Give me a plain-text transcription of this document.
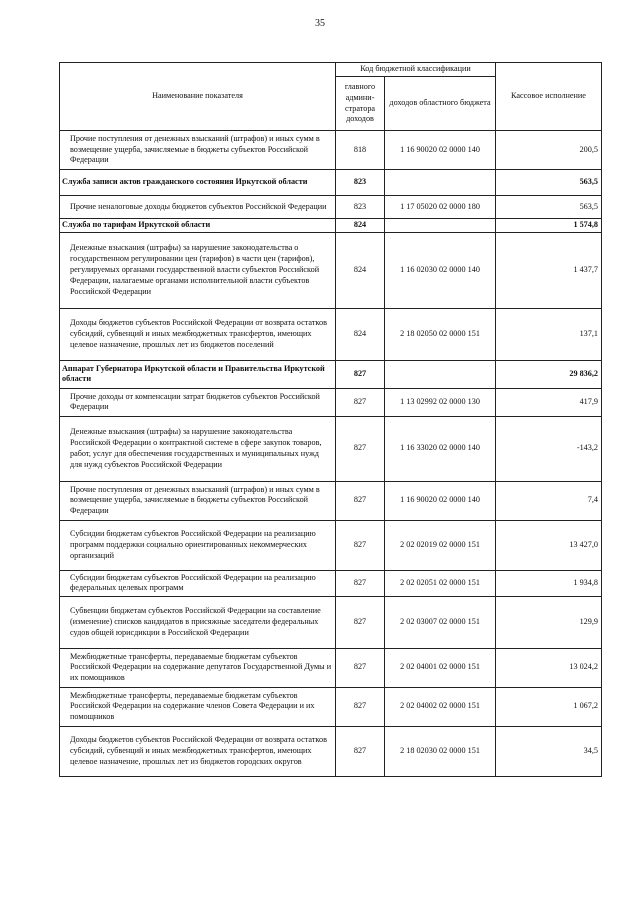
35
Наименование показателя	Код бюджетной классификации		Кассовое исполнение
	главного админи-стратора доходов	доходов областного бюджета	
Прочие поступления от денежных взысканий (штрафов) и иных сумм в возмещение ущерба, зачисляемые в бюджеты субъектов Российской Федерации	818	1 16 90020 02 0000 140	200,5
Служба записи актов гражданского состояния Иркутской области	823		563,5
Прочие неналоговые доходы бюджетов субъектов Российской Федерации	823	1 17 05020 02 0000 180	563,5
Служба по тарифам Иркутской области	824		1 574,8
Денежные взыскания (штрафы) за нарушение законодательства о государственном регулировании цен (тарифов) в части цен (тарифов), регулируемых органами государственной власти субъектов Российской Федерации, налагаемые органами исполнительной власти субъектов Российской Федерации	824	1 16 02030 02 0000 140	1 437,7
Доходы бюджетов субъектов Российской Федерации от возврата остатков субсидий, субвенций и иных межбюджетных трансфертов, имеющих целевое назначение, прошлых лет из бюджетов поселений	824	2 18 02050 02 0000 151	137,1
Аппарат Губернатора Иркутской области и Правительства Иркутской области	827		29 836,2
Прочие доходы от компенсации затрат бюджетов субъектов Российской Федерации	827	1 13 02992 02 0000 130	417,9
Денежные взыскания (штрафы) за нарушение законодательства Российской Федерации о контрактной системе в сфере закупок товаров, работ, услуг для обеспечения государственных и муниципальных нужд для нужд субъектов Российской Федерации	827	1 16 33020 02 0000 140	-143,2
Прочие поступления от денежных взысканий (штрафов) и иных сумм в возмещение ущерба, зачисляемые в бюджеты субъектов Российской Федерации	827	1 16 90020 02 0000 140	7,4
Субсидии бюджетам субъектов Российской Федерации на реализацию программ поддержки социально ориентированных некоммерческих организаций	827	2 02 02019 02 0000 151	13 427,0
Субсидии бюджетам субъектов Российской Федерации на реализацию федеральных целевых программ	827	2 02 02051 02 0000 151	1 934,8
Субвенции бюджетам субъектов Российской Федерации на составление (изменение) списков кандидатов в присяжные заседатели федеральных судов общей юрисдикции в Российской Федерации	827	2 02 03007 02 0000 151	129,9
Межбюджетные трансферты, передаваемые бюджетам субъектов Российской Федерации на содержание депутатов Государственной Думы и их помощников	827	2 02 04001 02 0000 151	13 024,2
Межбюджетные трансферты, передаваемые бюджетам субъектов Российской Федерации на содержание членов Совета Федерации и их помощников	827	2 02 04002 02 0000 151	1 067,2
Доходы бюджетов субъектов Российской Федерации от возврата остатков субсидий, субвенций и иных межбюджетных трансфертов, имеющих целевое назначение, прошлых лет из бюджетов городских округов	827	2 18 02030 02 0000 151	34,5
